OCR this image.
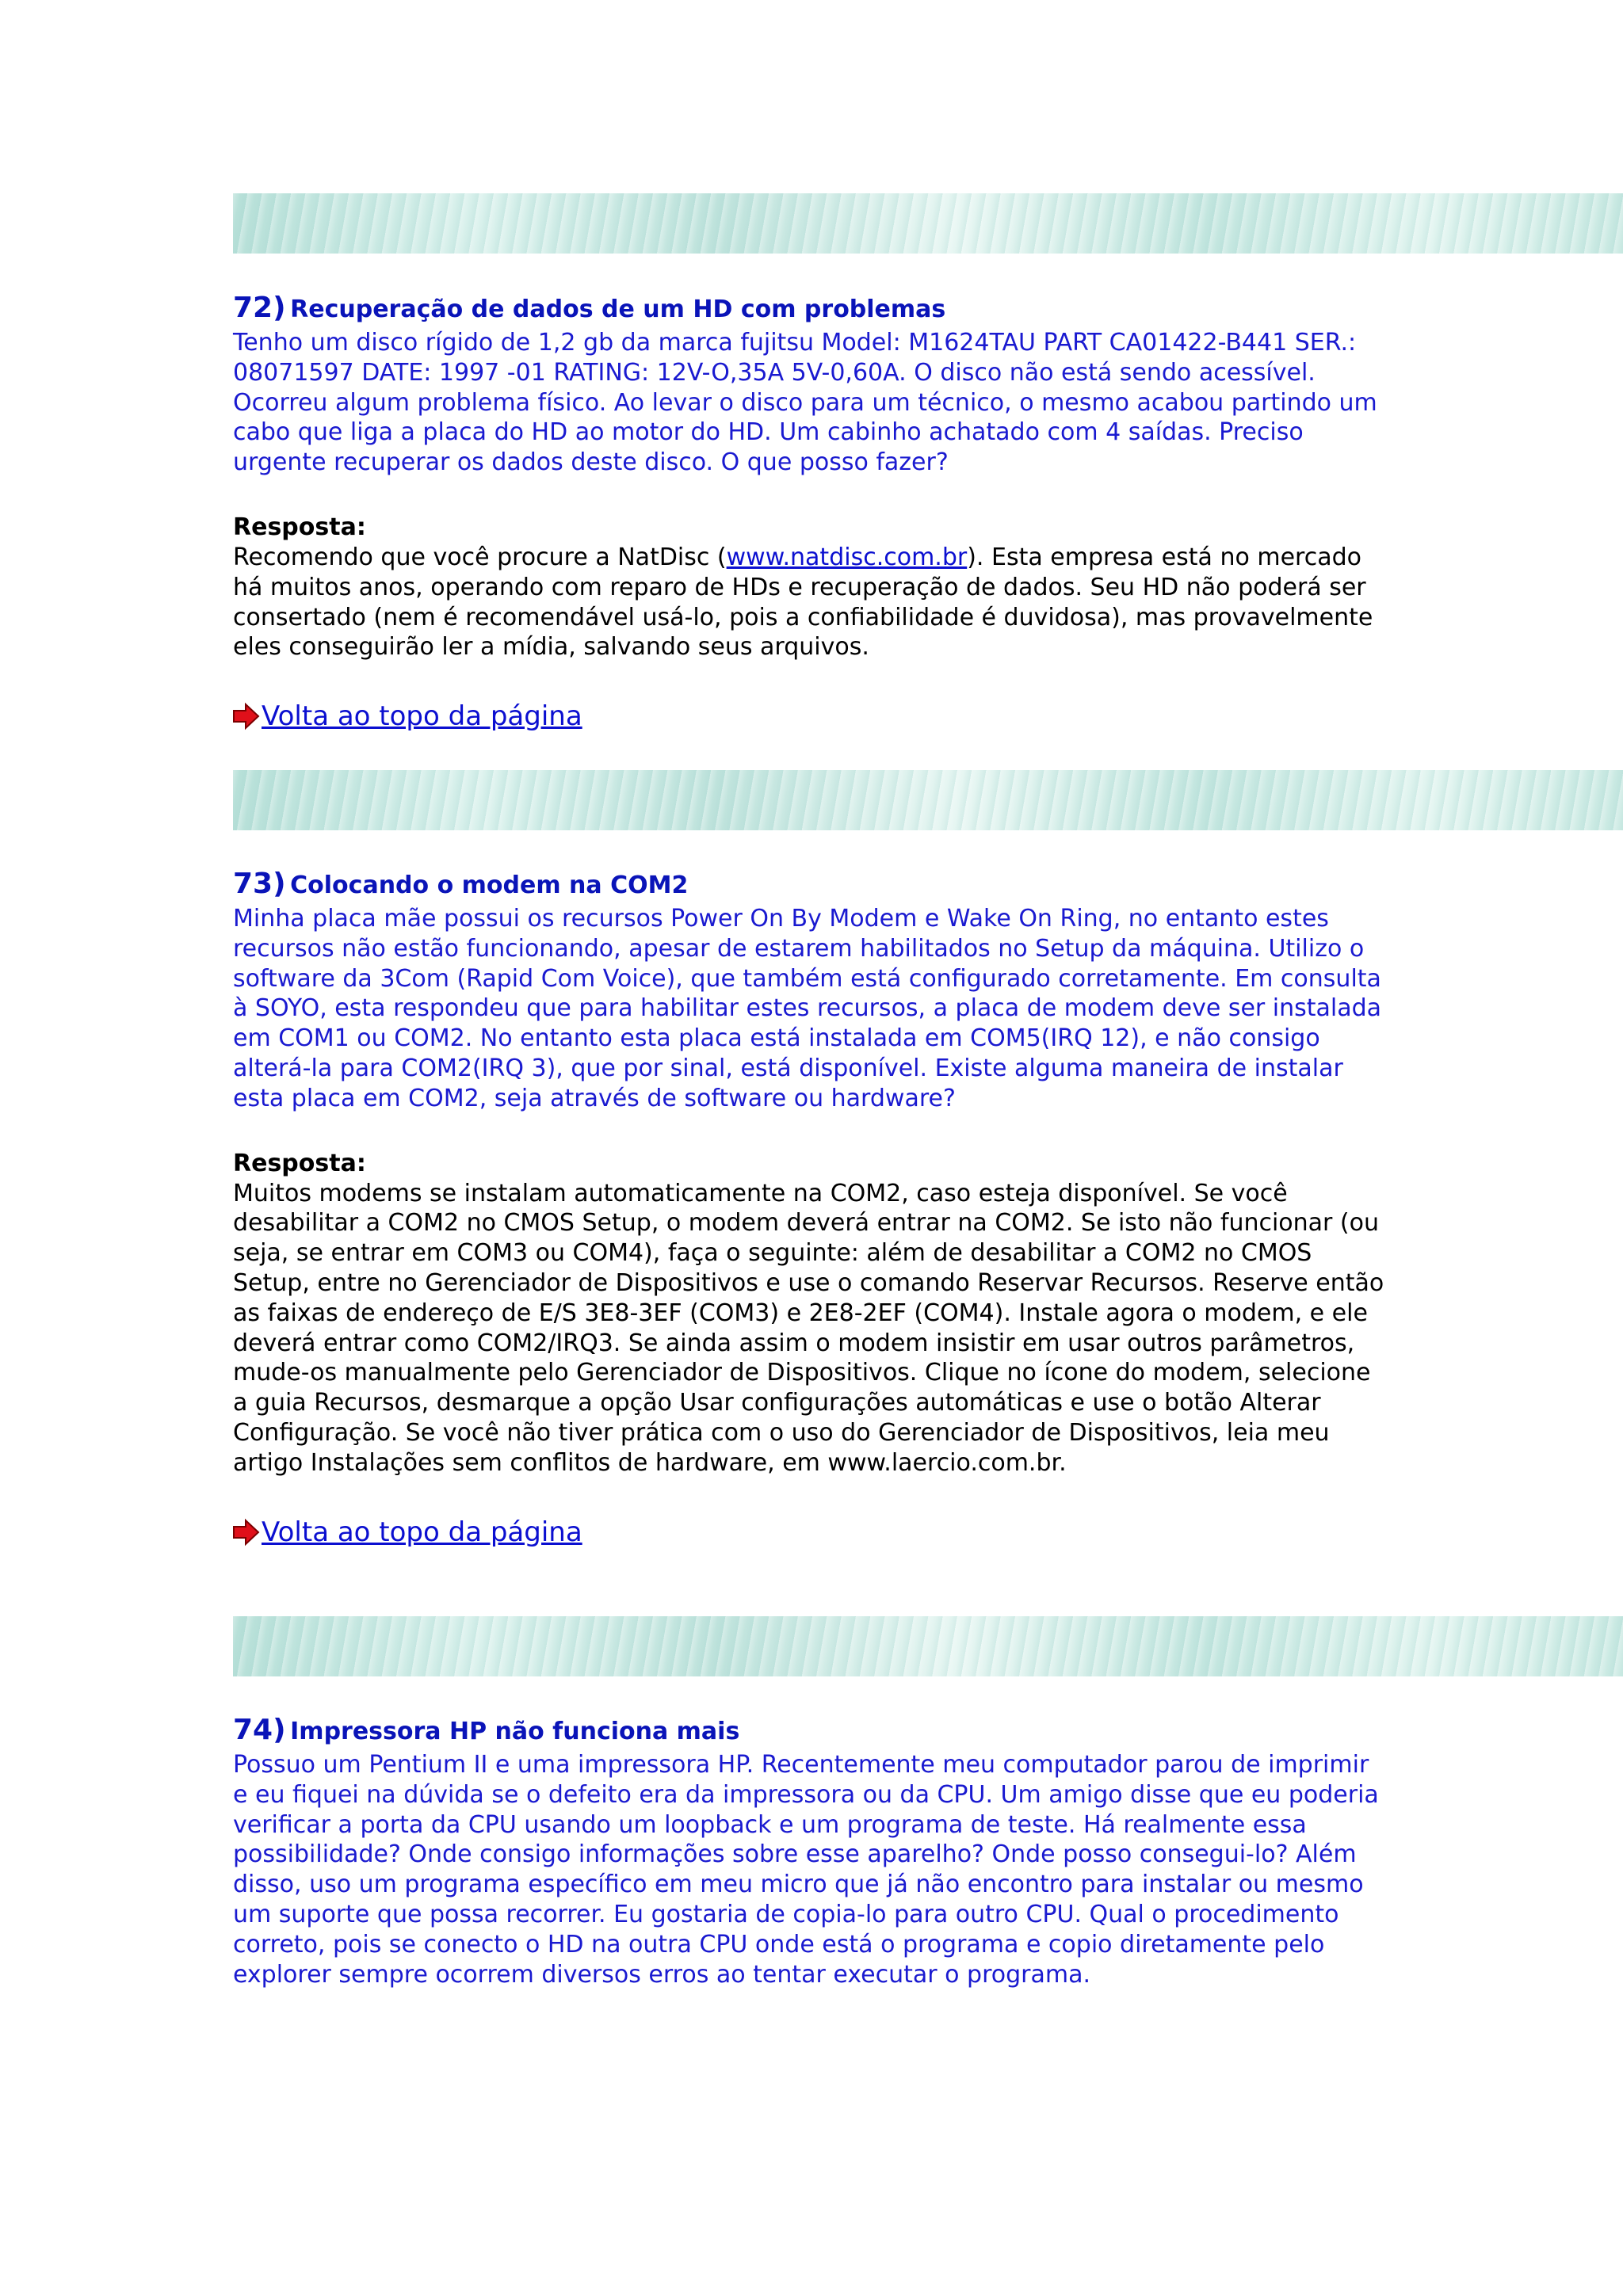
72) Recuperação de dados de um HD com problemas

Tenho um disco rígido de 1,2 gb da marca fujitsu Model: M1624TAU PART CA01422-B441 SER.: 08071597 DATE: 1997 -01 RATING: 12V-O,35A 5V-0,60A. O disco não está sendo acessível. Ocorreu algum problema físico. Ao levar o disco para um técnico, o mesmo acabou partindo um cabo que liga a placa do HD ao motor do HD. Um cabinho achatado com 4 saídas. Preciso urgente recuperar os dados deste disco. O que posso fazer?

Resposta:

Recomendo que você procure a NatDisc (www.natdisc.com.br). Esta empresa está no mercado há muitos anos, operando com reparo de HDs e recuperação de dados. Seu HD não poderá ser consertado (nem é recomendável usá-lo, pois a confiabilidade é duvidosa), mas provavelmente eles conseguirão ler a mídia, salvando seus arquivos.

Volta ao topo da página

73) Colocando o modem na COM2

Minha placa mãe possui os recursos Power On By Modem e Wake On Ring, no entanto estes recursos não estão funcionando, apesar de estarem habilitados no Setup da máquina. Utilizo o software da 3Com (Rapid Com Voice), que também está configurado corretamente. Em consulta à SOYO, esta respondeu que para habilitar estes recursos, a placa de modem deve ser instalada em COM1 ou COM2. No entanto esta placa está instalada em COM5(IRQ 12), e não consigo alterá-la para COM2(IRQ 3), que por sinal, está disponível. Existe alguma maneira de instalar esta placa em COM2, seja através de software ou hardware?

Resposta:

Muitos modems se instalam automaticamente na COM2, caso esteja disponível. Se você desabilitar a COM2 no CMOS Setup, o modem deverá entrar na COM2. Se isto não funcionar (ou seja, se entrar em COM3 ou COM4), faça o seguinte: além de desabilitar a COM2 no CMOS Setup, entre no Gerenciador de Dispositivos e use o comando Reservar Recursos. Reserve então as faixas de endereço de E/S 3E8-3EF (COM3) e 2E8-2EF (COM4). Instale agora o modem, e ele deverá entrar como COM2/IRQ3. Se ainda assim o modem insistir em usar outros parâmetros, mude-os manualmente pelo Gerenciador de Dispositivos. Clique no ícone do modem, selecione a guia Recursos, desmarque a opção Usar configurações automáticas e use o botão Alterar Configuração. Se você não tiver prática com o uso do Gerenciador de Dispositivos, leia meu artigo Instalações sem conflitos de hardware, em www.laercio.com.br.

Volta ao topo da página

74) Impressora HP não funciona mais

Possuo um Pentium II e uma impressora HP. Recentemente meu computador parou de imprimir e eu fiquei na dúvida se o defeito era da impressora ou da CPU. Um amigo disse que eu poderia verificar a porta da CPU usando um loopback e um programa de teste. Há realmente essa possibilidade? Onde consigo informações sobre esse aparelho? Onde posso consegui-lo? Além disso, uso um programa específico em meu micro que já não encontro para instalar ou mesmo um suporte que possa recorrer. Eu gostaria de copia-lo para outro CPU. Qual o procedimento correto, pois se conecto o HD na outra CPU onde está o programa e copio diretamente pelo explorer sempre ocorrem diversos erros ao tentar executar o programa.
